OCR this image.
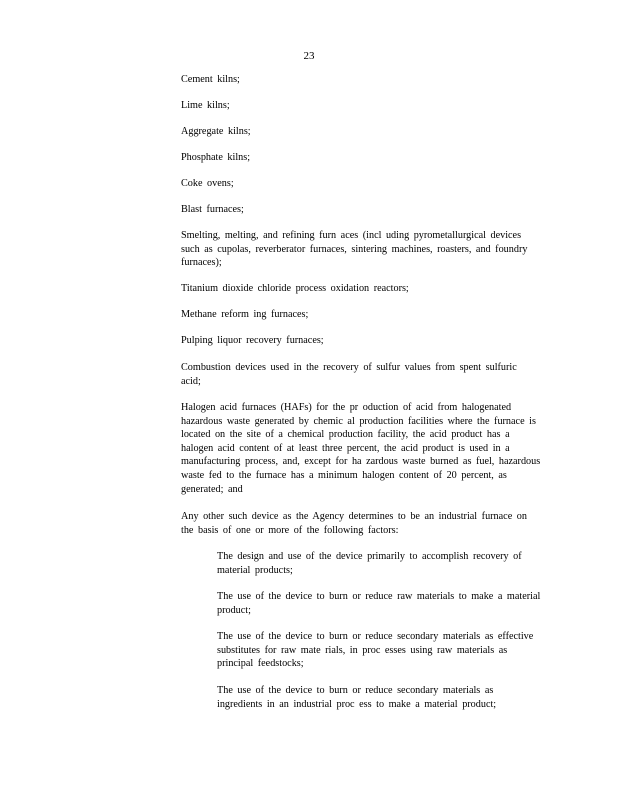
23

Cement kilns;

Lime kilns;

Aggregate kilns;

Phosphate kilns;

Coke ovens;

Blast furnaces;

Smelting, melting, and refining furn aces (incl uding pyrometallurgical devices such as cupolas, reverberator furnaces, sintering machines, roasters, and foundry furnaces);

Titanium dioxide chloride process oxidation reactors;

Methane reform ing furnaces;

Pulping liquor recovery furnaces;

Combustion devices used in the recovery of sulfur values from spent sulfuric acid;

Halogen acid furnaces (HAFs) for the pr oduction of acid from halogenated hazardous waste generated by chemic al production facilities where the furnace is located on the site of a chemical production facility, the acid product has a halogen acid content of at least three percent, the acid product is used in a manufacturing process, and, except for ha zardous waste burned as fuel, hazardous waste fed to the furnace has a minimum halogen content of 20 percent, as generated; and

Any other such device as the Agency determines to be an industrial furnace on the basis of one or more of the following factors:

The design and use of the device primarily to accomplish recovery of material products;

The use of the device to burn or reduce raw materials to make a material product;

The use of the device to burn or reduce secondary materials as effective substitutes for raw mate rials, in proc esses using raw materials as principal feedstocks;

The use of the device to burn or reduce secondary materials as ingredients in an industrial proc ess to make a material product;
